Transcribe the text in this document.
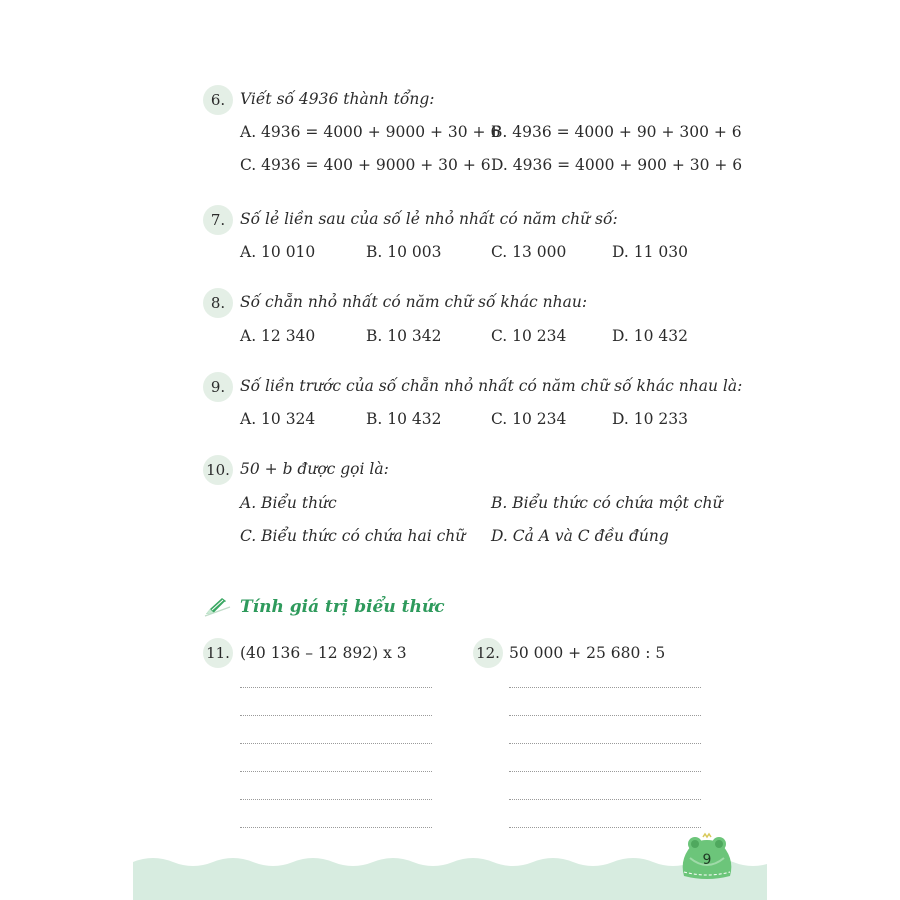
6. Viết số 4936 thành tổng:
A. 4936 = 4000 + 9000 + 30 + 6
B. 4936 = 4000 + 90 + 300 + 6
C. 4936 = 400 + 9000 + 30 + 6 D. 4936 = 4000 + 900 + 30 + 6
7. Số lẻ liền sau của số lẻ nhỏ nhất có năm chữ số:
A. 10 010	B. 10 003	C. 13 000	D. 11 030
8. Số chẵn nhỏ nhất có năm chữ số khác nhau:
A. 12 340	B. 10 342	C. 10 234	D. 10 432
9. Số liền trước của số chẵn nhỏ nhất có năm chữ số khác nhau là:
A. 10 324	B. 10 432	C. 10 234	D. 10 233
10. 50 + b được gọi là:
A. Biểu thức	B. Biểu thức có chứa một chữ
C. Biểu thức có chứa hai chữ D. Cả A và C đều đúng
Tính giá trị biểu thức
11. (40 136 – 12 892) x 3	12. 50 000 + 25 680 : 5
9
